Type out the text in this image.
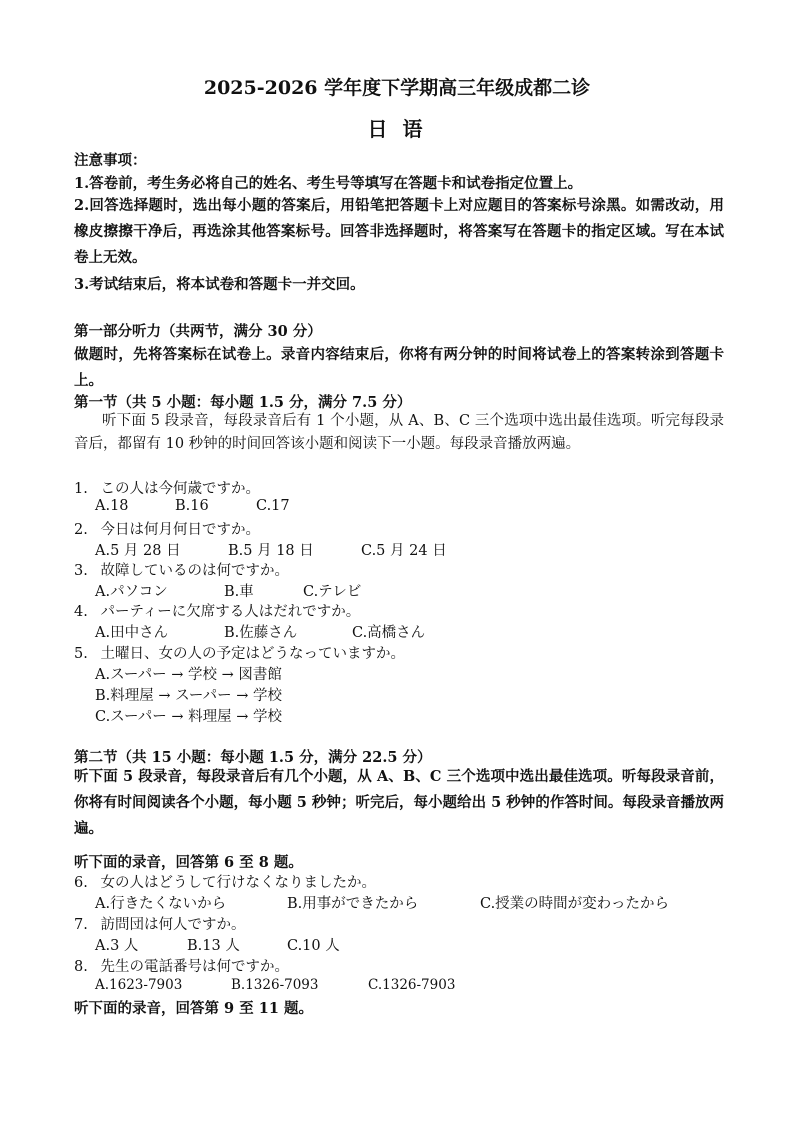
2025-2026 学年度下学期高三年级成都二诊
日 语
注意事项：
1.答卷前，考生务必将自己的姓名、考生号等填写在答题卡和试卷指定位置上。
2.回答选择题时，选出每小题的答案后，用铅笔把答题卡上对应题目的答案标号涂黑。如需改动，用橡皮擦擦干净后，再选涂其他答案标号。回答非选择题时，将答案写在答题卡的指定区域。写在本试卷上无效。
3.考试结束后，将本试卷和答题卡一并交回。
第一部分听力（共两节，满分 30 分）
做题时，先将答案标在试卷上。录音内容结束后，你将有两分钟的时间将试卷上的答案转涂到答题卡上。
第一节（共 5 小题：每小题 1.5 分，满分 7.5 分）
听下面 5 段录音，每段录音后有 1 个小题，从 A、B、C 三个选项中选出最佳选项。听完每段录音后，都留有 10 秒钟的时间回答该小题和阅读下一小题。每段录音播放两遍。
1. この人は今何歳ですか。
A.18	B.16	C.17
2. 今日は何月何日ですか。
A.5 月 28 日	B.5 月 18 日	C.5 月 24 日
3. 故障しているのは何ですか。
A.パソコン	B.車	C.テレビ
4. パーティーに欠席する人はだれですか。
A.田中さん	B.佐藤さん	C.高橋さん
5. 土曜日、女の人の予定はどうなっていますか。
A.スーパー → 学校 → 図書館
B.料理屋 → スーパー → 学校
C.スーパー → 料理屋 → 学校
第二节（共 15 小题：每小题 1.5 分，满分 22.5 分）
听下面 5 段录音，每段录音后有几个小题，从 A、B、C 三个选项中选出最佳选项。听每段录音前，你将有时间阅读各个小题，每小题 5 秒钟；听完后，每小题给出 5 秒钟的作答时间。每段录音播放两遍。
听下面的录音，回答第 6 至 8 题。
6. 女の人はどうして行けなくなりましたか。
A.行きたくないから	B.用事ができたから	C.授業の時間が変わったから
7. 訪問団は何人ですか。
A.3 人	B.13 人	C.10 人
8. 先生の電話番号は何ですか。
A.1623-7903	B.1326-7093	C.1326-7903
听下面的录音，回答第 9 至 11 题。
